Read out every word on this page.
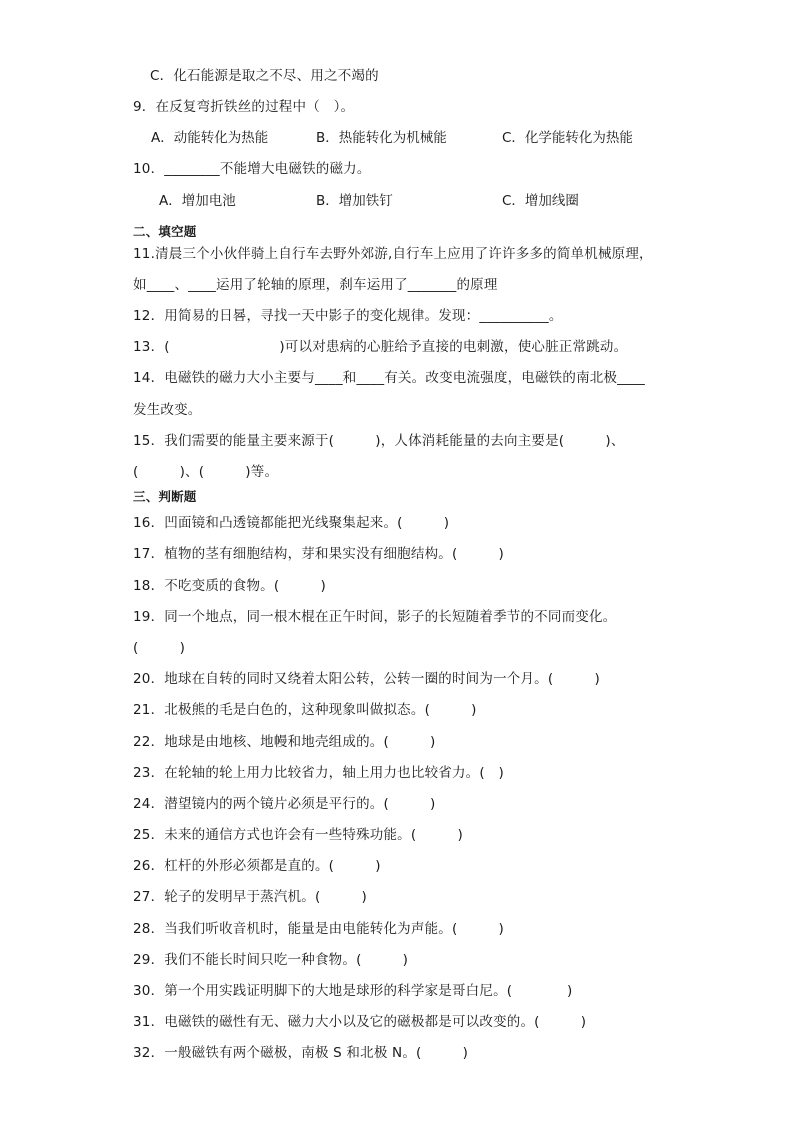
C．化石能源是取之不尽、用之不竭的
9．在反复弯折铁丝的过程中（　）。
A．动能转化为热能	B．热能转化为机械能	C．化学能转化为热能
10．________不能增大电磁铁的磁力。
A．增加电池	B．增加铁钉	C．增加线圈
二、填空题
11.清晨三个小伙伴骑上自行车去野外郊游,自行车上应用了许许多多的简单机械原理，
如____、____运用了轮轴的原理，刹车运用了_______的原理
12．用简易的日晷，寻找一天中影子的变化规律。发现：__________。
13．(　　　　　　　　)可以对患病的心脏给予直接的电刺激，使心脏正常跳动。
14．电磁铁的磁力大小主要与____和____有关。改变电流强度，电磁铁的南北极____
发生改变。
15．我们需要的能量主要来源于(　　　)，人体消耗能量的去向主要是(　　　)、
(　　　)、(　　　)等。
三、判断题
16．凹面镜和凸透镜都能把光线聚集起来。(　　　)
17．植物的茎有细胞结构，芽和果实没有细胞结构。(　　　)
18．不吃变质的食物。(　　　)
19．同一个地点，同一根木棍在正午时间，影子的长短随着季节的不同而变化。
(　　　)
20．地球在自转的同时又绕着太阳公转，公转一圈的时间为一个月。(　　　)
21．北极熊的毛是白色的，这种现象叫做拟态。(　　　)
22．地球是由地核、地幔和地壳组成的。(　　　)
23．在轮轴的轮上用力比较省力，轴上用力也比较省力。(　)
24．潜望镜内的两个镜片必须是平行的。(　　　)
25．未来的通信方式也许会有一些特殊功能。(　　　)
26．杠杆的外形必须都是直的。(　　　)
27．轮子的发明早于蒸汽机。(　　　)
28．当我们听收音机时，能量是由电能转化为声能。(　　　)
29．我们不能长时间只吃一种食物。(　　　)
30．第一个用实践证明脚下的大地是球形的科学家是哥白尼。(　　　　)
31．电磁铁的磁性有无、磁力大小以及它的磁极都是可以改变的。(　　　)
32．一般磁铁有两个磁极，南极 S 和北极 N。(　　　)
